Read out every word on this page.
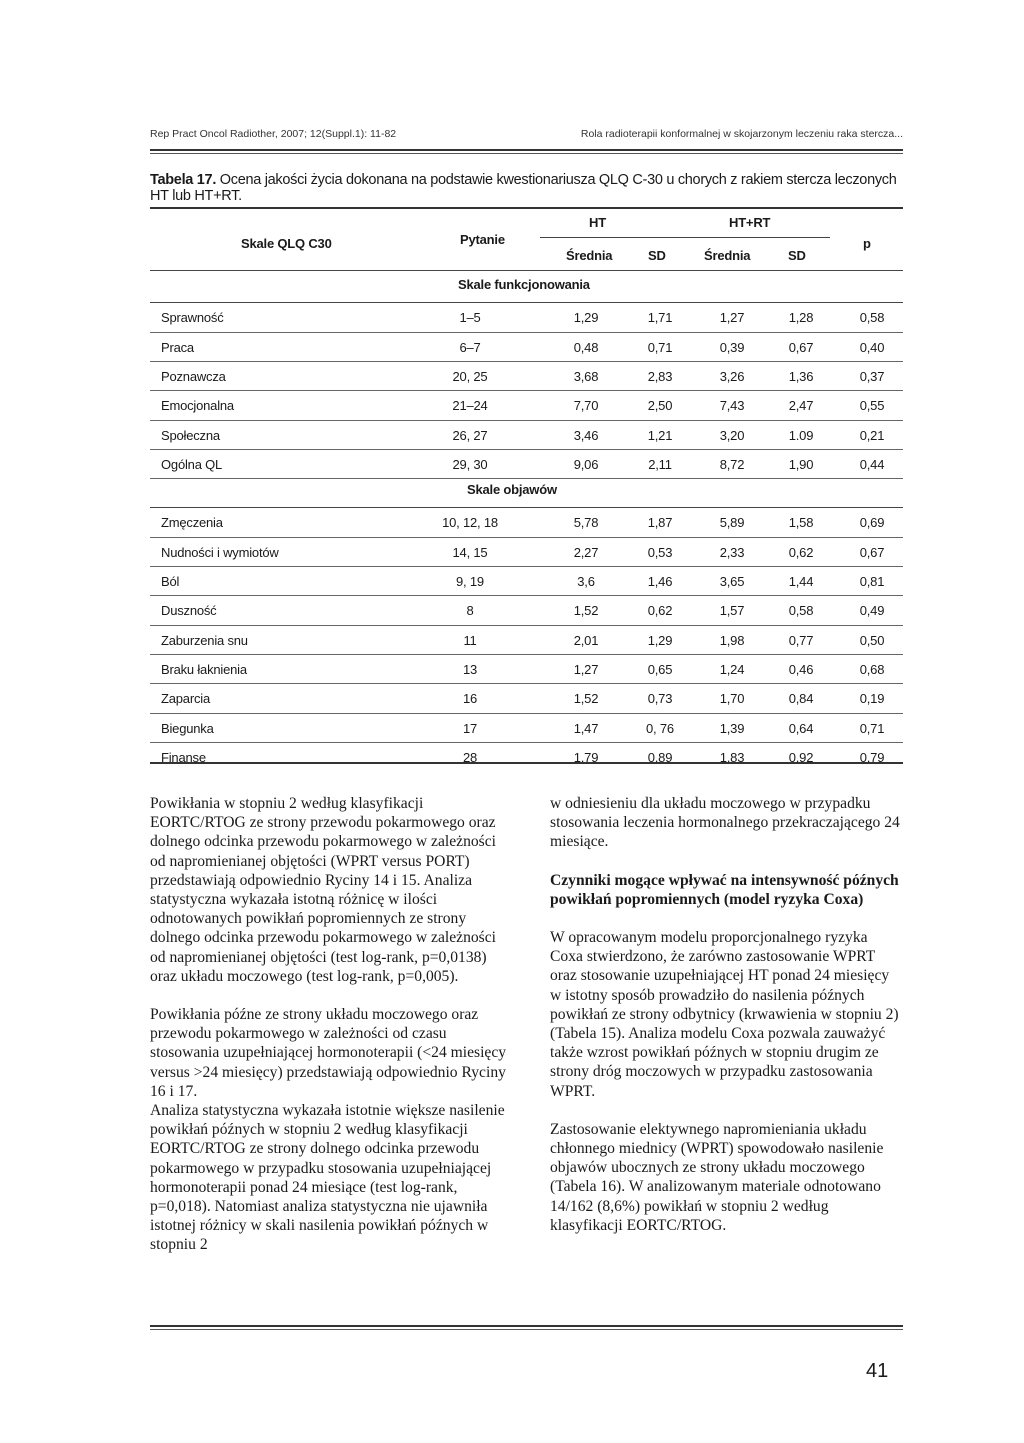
Rep Pract Oncol Radiother, 2007; 12(Suppl.1): 11-82	Rola radioterapii konformalnej w skojarzonym leczeniu raka stercza...
Tabela 17. Ocena jakości życia dokonana na podstawie kwestionariusza QLQ C-30 u chorych z rakiem stercza leczonych HT lub HT+RT.
Skale QLQ C30	Pytanie
HT	HT+RT
Średnia	SD	Średnia	SD
p
Skale funkcjonowania
Sprawność	1–5	1,29	1,71	1,27	1,28	0,58
Praca	6–7	0,48	0,71	0,39	0,67	0,40
Poznawcza	20, 25	3,68	2,83	3,26	1,36	0,37
Emocjonalna	21–24	7,70	2,50	7,43	2,47	0,55
Społeczna	26, 27	3,46	1,21	3,20	1.09	0,21
Ogólna QL	29, 30	9,06	2,11	8,72	1,90	0,44
Skale objawów
Zmęczenia	10, 12, 18	5,78	1,87	5,89	1,58	0,69
Nudności i wymiotów	14, 15	2,27	0,53	2,33	0,62	0,67
Ból	9, 19	3,6	1,46	3,65	1,44	0,81
Duszność	8	1,52	0,62	1,57	0,58	0,49
Zaburzenia snu	11	2,01	1,29	1,98	0,77	0,50
Braku łaknienia	13	1,27	0,65	1,24	0,46	0,68
Zaparcia	16	1,52	0,73	1,70	0,84	0,19
Biegunka	17	1,47	0, 76	1,39	0,64	0,71
Finanse	28	1,79	0,89	1,83	0,92	0,79

Powikłania w stopniu 2 według klasyfikacji EORTC/RTOG ze strony przewodu pokarmowego oraz dolnego odcinka przewodu pokarmowego w zależności od napromienianej objętości (WPRT versus PORT) przedstawiają odpowiednio Ryciny 14 i 15. Analiza statystyczna wykazała istotną różnicę w ilości odnotowanych powikłań popromiennych ze strony dolnego odcinka przewodu pokarmowego w zależności od napromienianej objętości (test log-rank, p=0,0138) oraz układu moczowego (test log-rank, p=0,005).

Powikłania późne ze strony układu moczowego oraz przewodu pokarmowego w zależności od czasu stosowania uzupełniającej hormonoterapii (<24 miesięcy versus >24 miesięcy) przedstawiają odpowiednio Ryciny 16 i 17.

Analiza statystyczna wykazała istotnie większe nasilenie powikłań późnych w stopniu 2 według klasyfikacji EORTC/RTOG ze strony dolnego odcinka przewodu pokarmowego w przypadku stosowania uzupełniającej hormonoterapii ponad 24 miesiące (test log-rank, p=0,018). Natomiast analiza statystyczna nie ujawniła istotnej różnicy w skali nasilenia powikłań późnych w stopniu 2

w odniesieniu dla układu moczowego w przypadku stosowania leczenia hormonalnego przekraczającego 24 miesiące.

Czynniki mogące wpływać na intensywność późnych powikłań popromiennych (model ryzyka Coxa)

W opracowanym modelu proporcjonalnego ryzyka Coxa stwierdzono, że zarówno zastosowanie WPRT oraz stosowanie uzupełniającej HT ponad 24 miesięcy w istotny sposób prowadziło do nasilenia późnych powikłań ze strony odbytnicy (krwawienia w stopniu 2) (Tabela 15). Analiza modelu Coxa pozwala zauważyć także wzrost powikłań późnych w stopniu drugim ze strony dróg moczowych w przypadku zastosowania WPRT.

Zastosowanie elektywnego napromieniania układu chłonnego miednicy (WPRT) spowodowało nasilenie objawów ubocznych ze strony układu moczowego (Tabela 16). W analizowanym materiale odnotowano 14/162 (8,6%) powikłań w stopniu 2 według klasyfikacji EORTC/RTOG.

41
